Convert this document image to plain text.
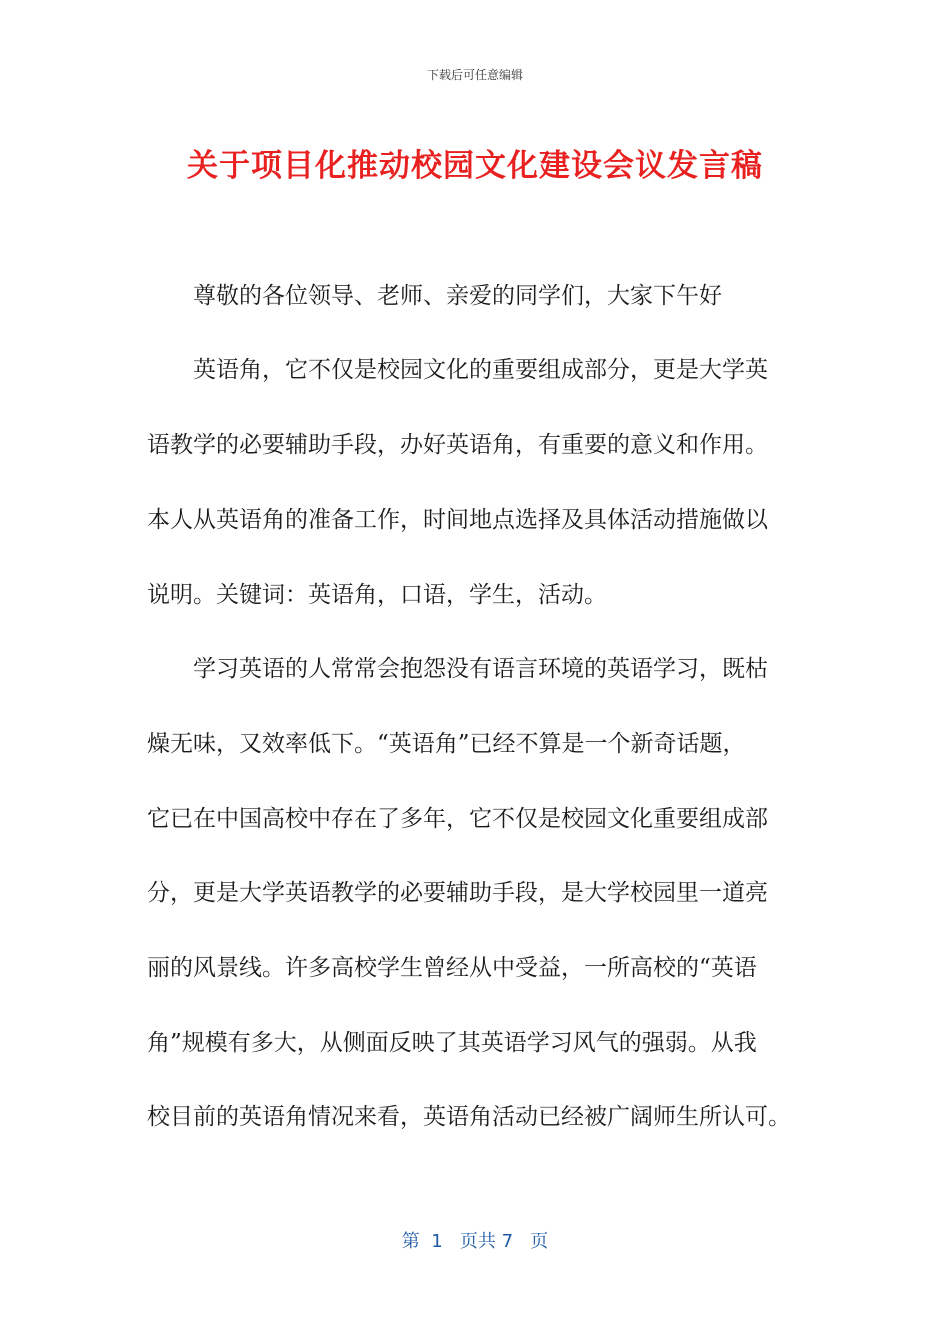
下载后可任意编辑
关于项目化推动校园文化建设会议发言稿
尊敬的各位领导、老师、亲爱的同学们，大家下午好
英语角，它不仅是校园文化的重要组成部分，更是大学英
语教学的必要辅助手段，办好英语角，有重要的意义和作用。
本人从英语角的准备工作，时间地点选择及具体活动措施做以
说明。关键词：英语角，口语，学生，活动。
学习英语的人常常会抱怨没有语言环境的英语学习，既枯
燥无味，又效率低下。“英语角”已经不算是一个新奇话题，
它已在中国高校中存在了多年，它不仅是校园文化重要组成部
分，更是大学英语教学的必要辅助手段，是大学校园里一道亮
丽的风景线。许多高校学生曾经从中受益，一所高校的“英语
角”规模有多大，从侧面反映了其英语学习风气的强弱。从我
校目前的英语角情况来看，英语角活动已经被广阔师生所认可。
第  1   页共 7   页
